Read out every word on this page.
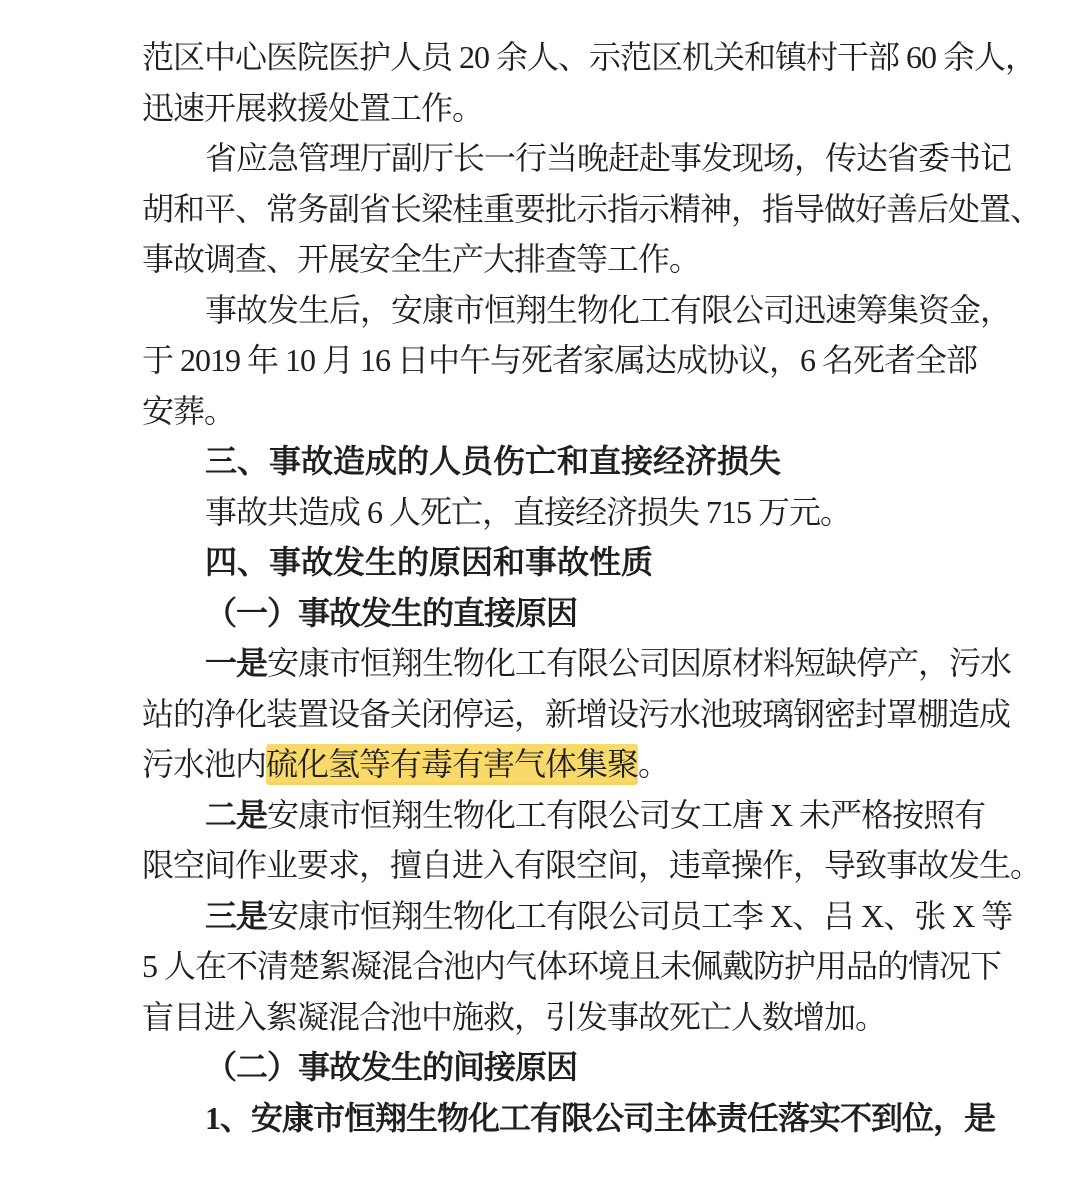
范区中心医院医护人员 20 余人、示范区机关和镇村干部 60 余人，
迅速开展救援处置工作。
省应急管理厅副厅长一行当晚赶赴事发现场，传达省委书记
胡和平、常务副省长梁桂重要批示指示精神，指导做好善后处置、
事故调查、开展安全生产大排查等工作。
事故发生后，安康市恒翔生物化工有限公司迅速筹集资金，
于 2019 年 10 月 16 日中午与死者家属达成协议，6 名死者全部
安葬。
三、事故造成的人员伤亡和直接经济损失
事故共造成 6 人死亡，直接经济损失 715 万元。
四、事故发生的原因和事故性质
（一）事故发生的直接原因
一是安康市恒翔生物化工有限公司因原材料短缺停产，污水
站的净化装置设备关闭停运，新增设污水池玻璃钢密封罩棚造成
污水池内硫化氢等有毒有害气体集聚。
二是安康市恒翔生物化工有限公司女工唐 X 未严格按照有
限空间作业要求，擅自进入有限空间，违章操作，导致事故发生。
三是安康市恒翔生物化工有限公司员工李 X、吕 X、张 X 等
5 人在不清楚絮凝混合池内气体环境且未佩戴防护用品的情况下
盲目进入絮凝混合池中施救，引发事故死亡人数增加。
（二）事故发生的间接原因
1、安康市恒翔生物化工有限公司主体责任落实不到位，是
